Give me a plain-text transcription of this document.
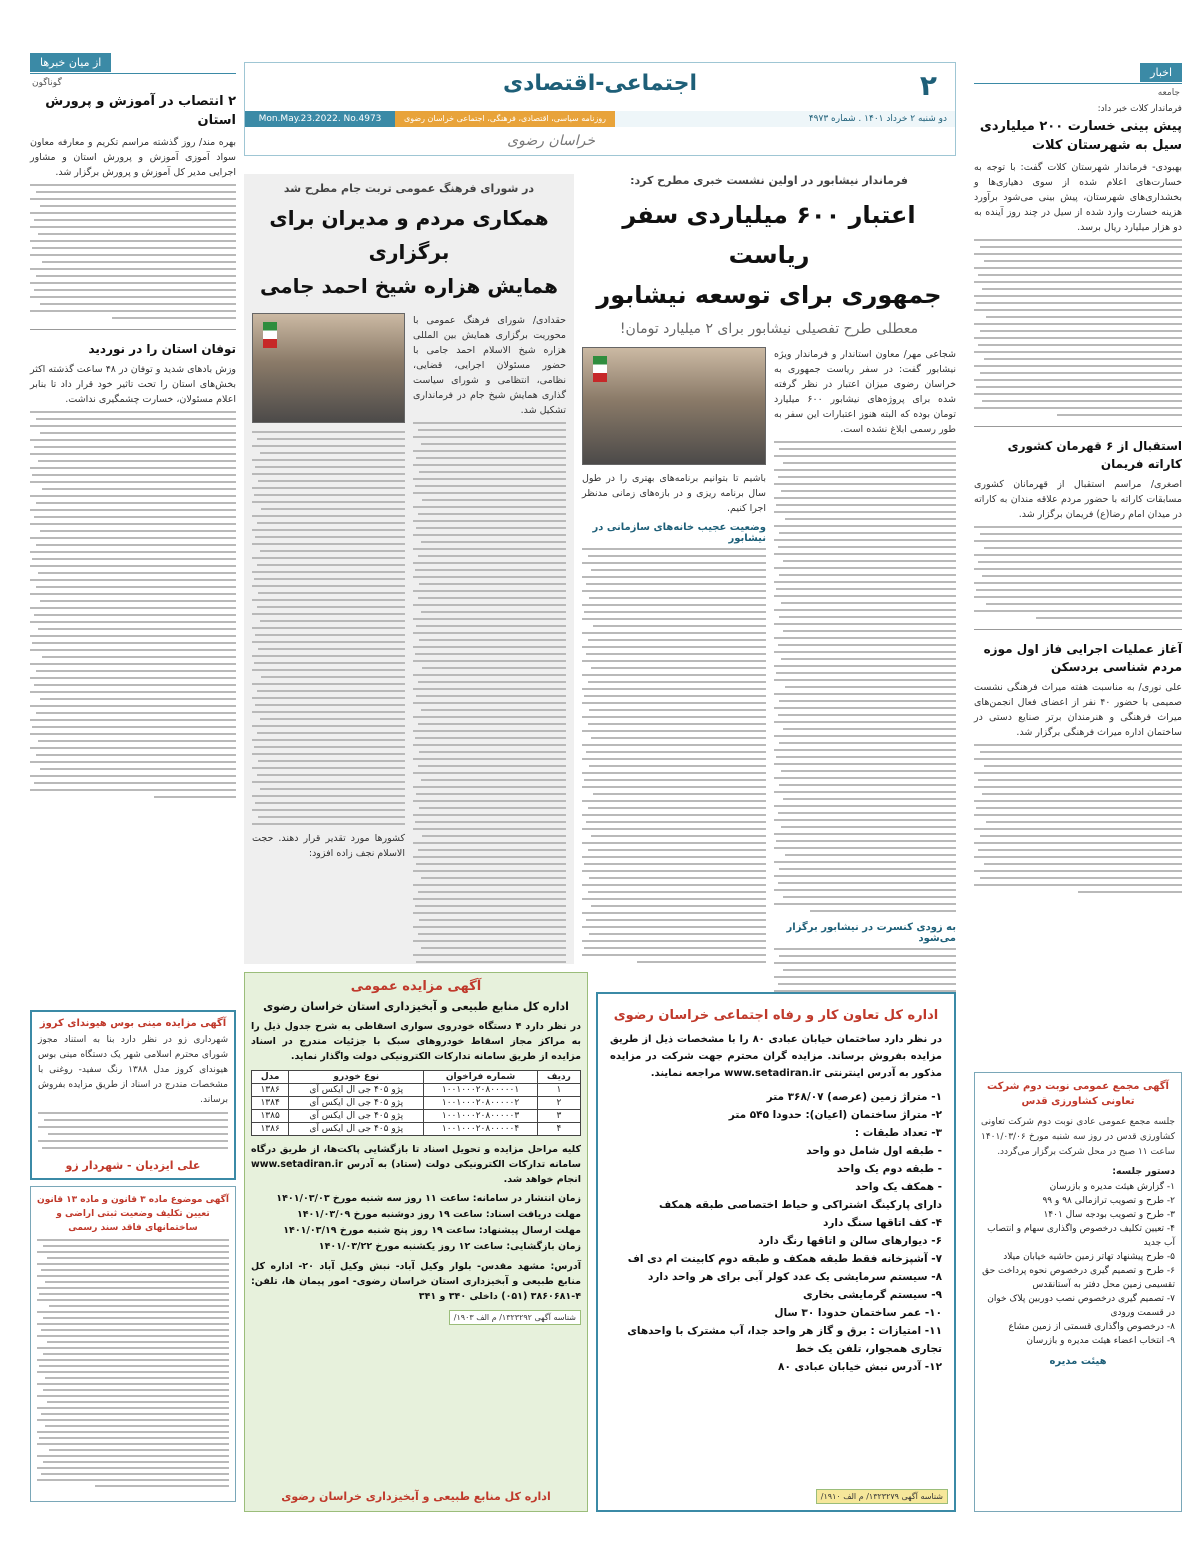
اخبار
جامعه
فرماندار کلات خبر داد:
پیش بینی خسارت ۲۰۰ میلیاردی سیل به شهرستان کلات
بهبودی- فرماندار شهرستان کلات گفت: با توجه به خسارت‌های اعلام شده از سوی دهیاری‌ها و بخشداری‌های شهرستان، پیش بینی می‌شود برآورد هزینه خسارت وارد شده از سیل در چند روز آینده به دو هزار میلیارد ریال برسد.
استقبال از ۶ قهرمان کشوری کاراته فریمان
اصغری/ مراسم استقبال از قهرمانان کشوری مسابقات کاراته با حضور مردم علاقه مندان به کاراته در میدان امام رضا(ع) فریمان برگزار شد.
آغاز عملیات اجرایی فاز اول موزه مردم شناسی بردسکن
علی نوری/ به مناسبت هفته میراث فرهنگی نشست صمیمی با حضور ۴۰ نفر از اعضای فعال انجمن‌های میراث فرهنگی و هنرمندان برتر صنایع دستی در ساختمان اداره میراث فرهنگی برگزار شد.
آگهی مجمع عمومی نوبت دوم شرکت تعاونی کشاورزی قدس
جلسه مجمع عمومی عادی نوبت دوم شرکت تعاونی کشاورزی قدس در روز سه شنبه مورخ ۱۴۰۱/۰۳/۰۶ ساعت ۱۱ صبح در محل شرکت برگزار می‌گردد.
دستور جلسه:
۱- گزارش هیئت مدیره و بازرسان
۲- طرح و تصویب ترازمالی ۹۸ و ۹۹
۳- طرح و تصویب بودجه سال ۱۴۰۱
۴- تعیین تکلیف درخصوص واگذاری سهام و انتصاب آب جدید
۵- طرح پیشنهاد تهاتر زمین حاشیه خیابان میلاد
۶- طرح و تصمیم گیری درخصوص نحوه پرداخت حق تقسیمی زمین محل دفتر به آستانقدس
۷- تصمیم گیری درخصوص نصب دوربین پلاک خوان در قسمت ورودی
۸- درخصوص واگذاری قسمتی از زمین مشاع
۹- انتخاب اعضاء هیئت مدیره و بازرسان
هیئت مدیره
۲
اجتماعی-اقتصادی
دو شنبه ۲ خرداد ۱۴۰۱ . شماره ۴۹۷۳
روزنامه سیاسی، اقتصادی، فرهنگی، اجتماعی خراسان رضوی
Mon.May.23.2022. No.4973
خراسان رضوی
فرماندار نیشابور در اولین نشست خبری مطرح کرد:
اعتبار ۶۰۰ میلیاردی سفر ریاست
جمهوری برای توسعه نیشابور
معطلی طرح تفصیلی نیشابور برای ۲ میلیارد تومان!
شجاعی مهر/ معاون استاندار و فرماندار ویژه نیشابور گفت: در سفر ریاست جمهوری به خراسان رضوی میزان اعتبار در نظر گرفته شده برای پروژه‌های نیشابور ۶۰۰ میلیارد تومان بوده که البته هنوز اعتبارات این سفر به طور رسمی ابلاغ نشده است.
به زودی کنسرت در نیشابور برگزار می‌شود
باشیم تا بتوانیم برنامه‌های بهتری را در طول سال برنامه ریزی و در بازه‌های زمانی مدنظر اجرا کنیم.
وضعیت عجیب خانه‌های سازمانی در نیشابور
در شورای فرهنگ عمومی تربت جام مطرح شد
همکاری مردم و مدیران برای برگزاری
همایش هزاره شیخ احمد جامی
حقدادی/ شورای فرهنگ عمومی با محوریت برگزاری همایش بین المللی هزاره شیخ الاسلام احمد جامی با حضور مسئولان اجرایی، قضایی، نظامی، انتظامی و شورای سیاست گذاری همایش شیخ جام در فرمانداری تشکیل شد.
کشورها مورد تقدیر قرار دهند. حجت الاسلام نجف زاده افزود:
اداره کل تعاون کار و رفاه اجتماعی خراسان رضوی
در نظر دارد ساختمان خیابان عبادی ۸۰ را با مشخصات ذیل از طریق مزایده بفروش برساند. مزایده گران محترم جهت شرکت در مزایده مذکور به آدرس اینترنتی www.setadiran.ir مراجعه نمایند.
۱- متراژ زمین (عرصه) ۳۶۸/۰۷ متر
۲- متراژ ساختمان (اعیان): حدودا ۵۴۵ متر
۳- تعداد طبقات :
- طبقه اول شامل دو واحد
- طبقه دوم یک واحد
- همکف یک واحد
دارای پارکینگ اشتراکی و حیاط اختصاصی طبقه همکف
۴- کف اتاقها سنگ دارد
۶- دیوارهای سالن و اتاقها رنگ دارد
۷- آشپزخانه فقط طبقه همکف و طبقه دوم کابینت ام دی اف
۸- سیستم سرمایشی یک عدد کولر آبی برای هر واحد دارد
۹- سیستم گرمایشی بخاری
۱۰- عمر ساختمان حدودا ۳۰ سال
۱۱- امتیازات : برق و گاز هر واحد جدا، آب مشترک با واحدهای تجاری همجوار، تلفن یک خط
۱۲- آدرس نبش خیابان عبادی ۸۰
شناسه آگهی ۱۳۲۳۲۷۹/ م الف ۱۹۱۰/
آگهی مزایده عمومی
اداره کل منابع طبیعی و آبخیزداری استان خراسان رضوی
در نظر دارد ۴ دستگاه خودروی سواری اسقاطی به شرح جدول ذیل را به مراکز مجاز اسقاط خودروهای سبک با جزئیات مندرج در اسناد مزایده از طریق سامانه تدارکات الکترونیکی دولت واگذار نماید.
ردیف	شماره فراخوان	نوع خودرو	مدل
۱	۱۰۰۱۰۰۰۲۰۸۰۰۰۰۰۱	پژو ۴۰۵ جی ال ایکس آی	۱۳۸۶
۲	۱۰۰۱۰۰۰۲۰۸۰۰۰۰۰۲	پژو ۴۰۵ جی ال ایکس آی	۱۳۸۴
۳	۱۰۰۱۰۰۰۲۰۸۰۰۰۰۰۳	پژو ۴۰۵ جی ال ایکس آی	۱۳۸۵
۴	۱۰۰۱۰۰۰۲۰۸۰۰۰۰۰۴	پژو ۴۰۵ جی ال ایکس آی	۱۳۸۶
کلیه مراحل مزایده و تحویل اسناد تا بازگشایی پاکت‌ها، از طریق درگاه سامانه تدارکات الکترونیکی دولت (ستاد) به آدرس www.setadiran.ir انجام خواهد شد.
زمان انتشار در سامانه: ساعت ۱۱ روز سه شنبه مورخ ۱۴۰۱/۰۳/۰۳
مهلت دریافت اسناد: ساعت ۱۹ روز دوشنبه مورخ ۱۴۰۱/۰۳/۰۹
مهلت ارسال پیشنهاد: ساعت ۱۹ روز پنج شنبه مورخ ۱۴۰۱/۰۳/۱۹
زمان بازگشایی: ساعت ۱۲ روز یکشنبه مورخ ۱۴۰۱/۰۳/۲۲
آدرس: مشهد مقدس- بلوار وکیل آباد- نبش وکیل آباد ۲۰- اداره کل منابع طبیعی و آبخیزداری استان خراسان رضوی- امور پیمان ها، تلفن: ۴-۳۸۶۰۶۸۱ (۰۵۱) داخلی ۳۴۰ و ۳۴۱
شناسه آگهی ۱۳۲۳۲۹۲/ م الف ۱۹۰۳/
اداره کل منابع طبیعی و آبخیزداری خراسان رضوی
از میان خبرها
گوناگون
۲ انتصاب در آموزش و پرورش استان
بهره مند/ روز گذشته مراسم تکریم و معارفه معاون سواد آموزی آموزش و پرورش استان و مشاور اجرایی مدیر کل آموزش و پرورش برگزار شد.
توفان استان را در نوردید
وزش بادهای شدید و توفان در ۴۸ ساعت گذشته اکثر بخش‌های استان را تحت تاثیر خود قرار داد تا بنابر اعلام مسئولان، خسارت چشمگیری نداشت.
آگهی مزایده مینی بوس هیوندای کروز
شهرداری زو در نظر دارد بنا به استناد مجوز شورای محترم اسلامی شهر یک دستگاه مینی بوس هیوندای کروز مدل ۱۳۸۸ رنگ سفید- روغنی با مشخصات مندرج در اسناد از طریق مزایده بفروش برساند.
علی ایزدیان - شهردار زو
آگهی موضوع ماده ۳ قانون و ماده ۱۳ قانون تعیین تکلیف وضعیت ثبتی اراضی و ساختمانهای فاقد سند رسمی
